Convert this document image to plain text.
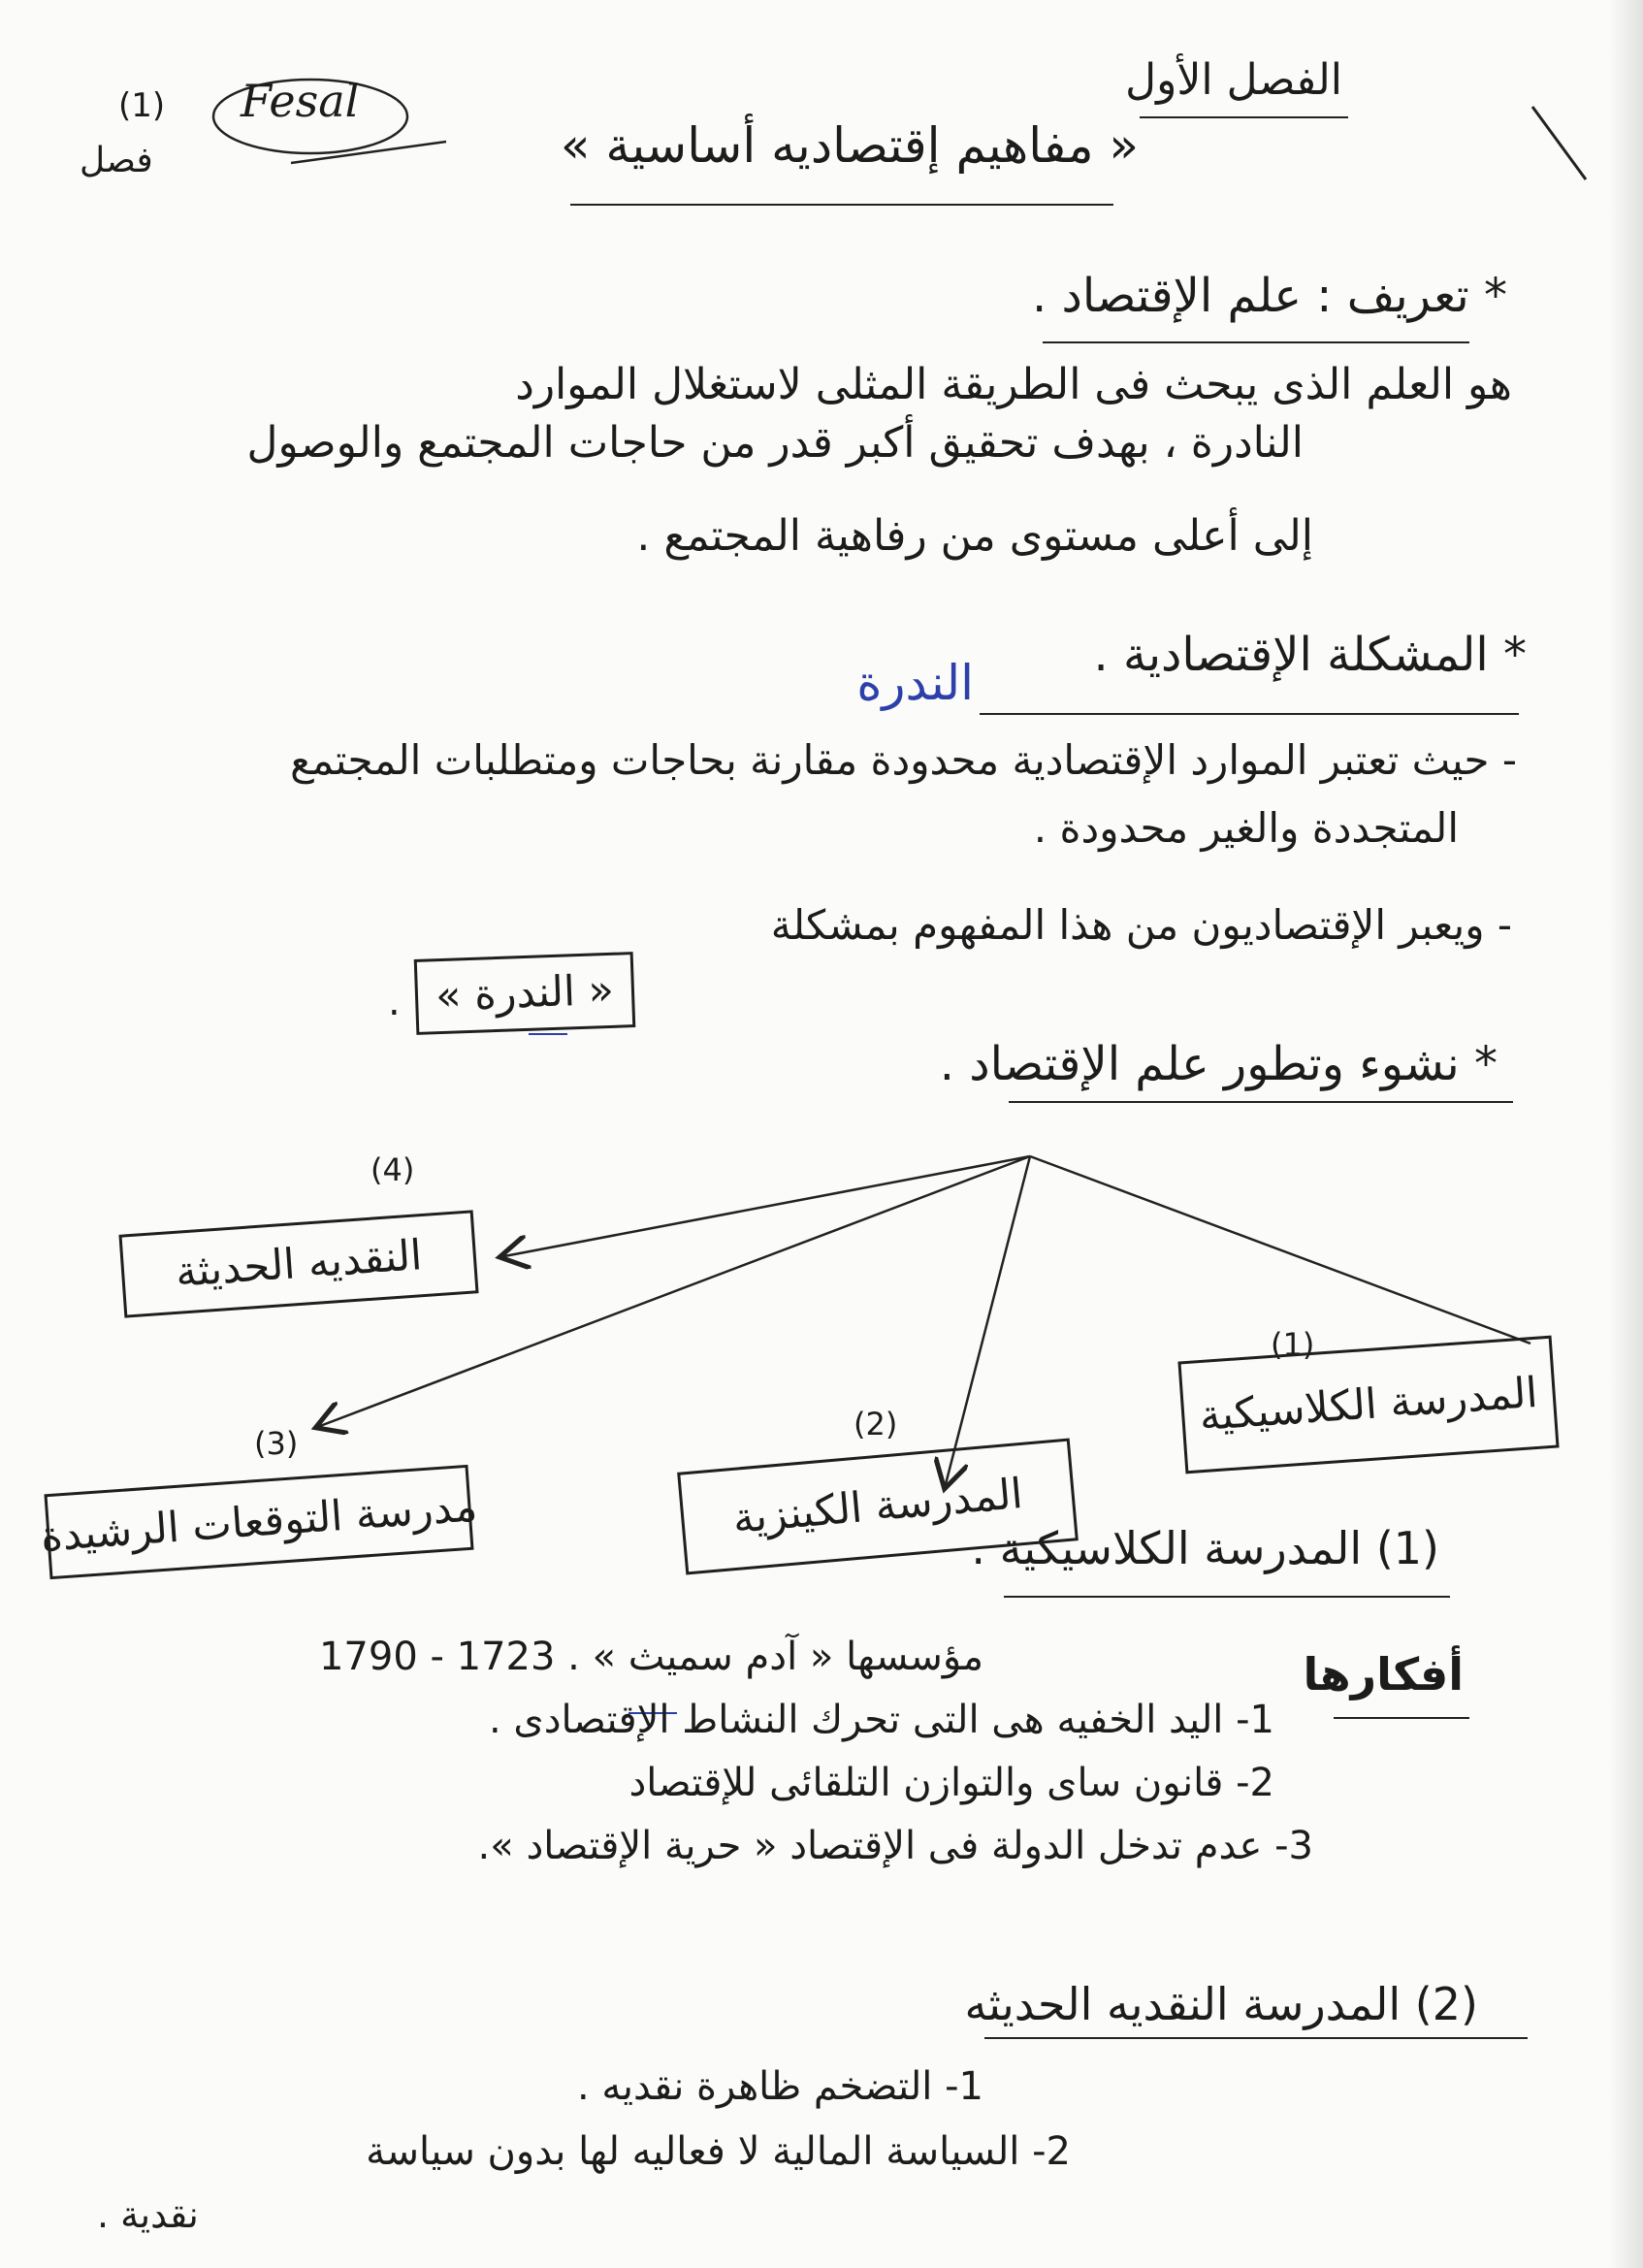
الفصل الأول
« مفاهيم إقتصاديه أساسية »
Fesal
(1)
فصل
* تعريف : علم الإقتصاد .
هو العلم الذى يبحث فى الطريقة المثلى لاستغلال الموارد
النادرة ، بهدف تحقيق أكبر قدر من حاجات المجتمع والوصول
إلى أعلى مستوى من رفاهية المجتمع .
* المشكلة الإقتصادية .
الندرة
- حيث تعتبر الموارد الإقتصادية محدودة مقارنة بحاجات ومتطلبات المجتمع
المتجددة والغير محدودة .
- ويعبر الإقتصاديون من هذا المفهوم بمشكلة
« الندرة »
.
* نشوء وتطور علم الإقتصاد .
(1)
المدرسة الكلاسيكية
(2)
المدرسة الكينزية
(3)
مدرسة التوقعات الرشيدة
(4)
النقديه الحديثة
(1) المدرسة الكلاسيكية .
مؤسسها « آدم سميث » . 1723 - 1790	أفكارها
1- اليد الخفيه هى التى تحرك النشاط الإقتصادى .
2- قانون ساى والتوازن التلقائى للإقتصاد
3- عدم تدخل الدولة فى الإقتصاد « حرية الإقتصاد ».
(2) المدرسة النقديه الحديثه
1- التضخم ظاهرة نقديه .
2- السياسة المالية لا فعاليه لها بدون سياسة
نقدية .
